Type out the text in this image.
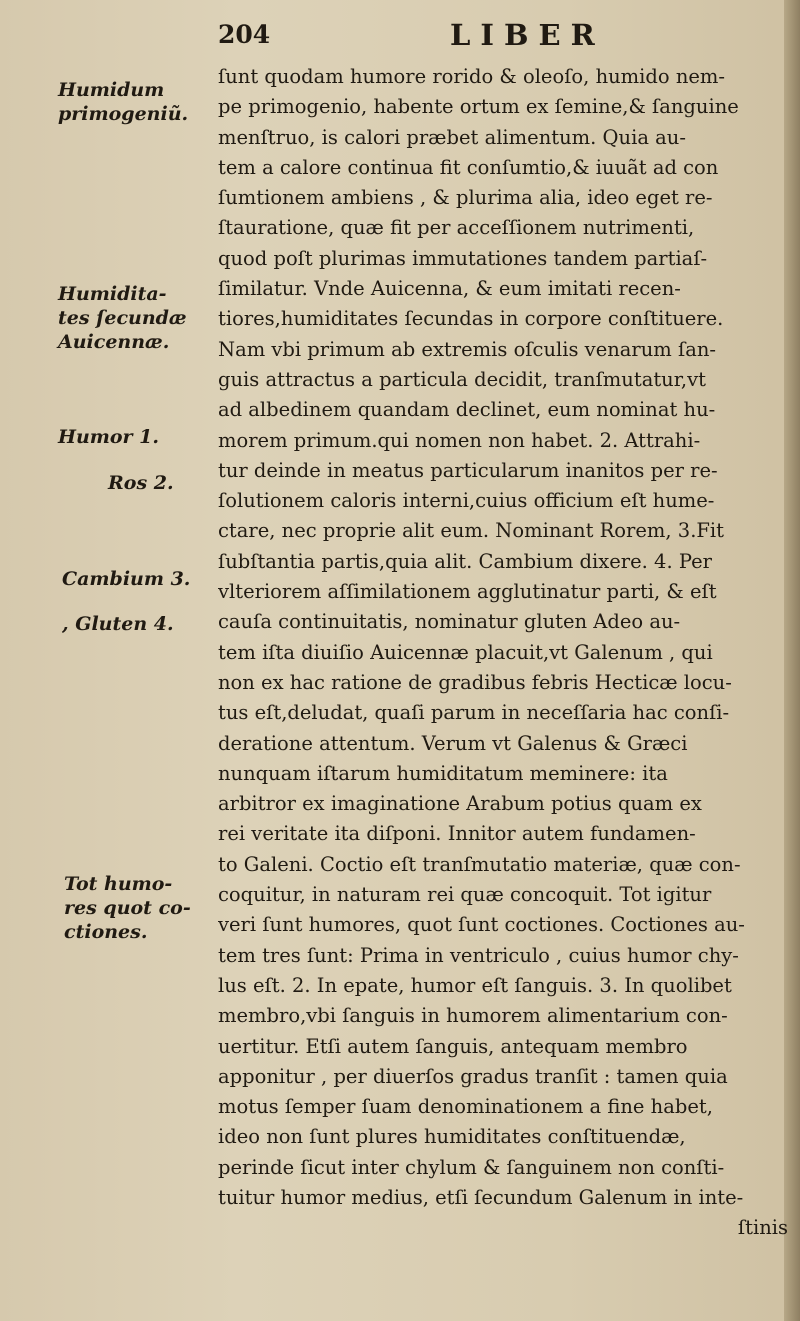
204	LIBER
Humidum
primogeniũ.
Humidita-
tes ſecundæ
Auicennæ.
Humor 1.
Ros 2.
Cambium 3.
, Gluten 4.
Tot humo-
res quot co-
ctiones.
ſunt quodam humore rorido & oleoſo, humido nem-
pe primogenio, habente ortum ex ſemine,& ſanguine
menſtruo, is calori præbet alimentum. Quia au-
tem a calore continua fit conſumtio,& iuuãt ad con
ſumtionem ambiens , & plurima alia, ideo eget re-
ſtauratione, quæ fit per acceſſionem nutrimenti,
quod poſt plurimas immutationes tandem partiaſ-
ſimilatur. Vnde Auicenna, & eum imitati recen-
tiores,humiditates ſecundas in corpore conſtituere.
Nam vbi primum ab extremis oſculis venarum ſan-
guis attractus a particula decidit, tranſmutatur,vt
ad albedinem quandam declinet, eum nominat hu-
morem primum.qui nomen non habet. 2. Attrahi-
tur deinde in meatus particularum inanitos per re-
ſolutionem caloris interni,cuius officium eſt hume-
ctare, nec proprie alit eum. Nominant Rorem, 3.Fit
ſubſtantia partis,quia alit. Cambium dixere. 4. Per
vlteriorem aſſimilationem agglutinatur parti, & eſt
cauſa continuitatis, nominatur gluten Adeo au-
tem iſta diuiſio Auicennæ placuit,vt Galenum , qui
non ex hac ratione de gradibus febris Hecticæ locu-
tus eſt,deludat, quaſi parum in neceſſaria hac conſi-
deratione attentum. Verum vt Galenus & Græci
nunquam iſtarum humiditatum meminere: ita
arbitror ex imaginatione Arabum potius quam ex
rei veritate ita diſponi. Innitor autem fundamen-
to Galeni. Coctio eſt tranſmutatio materiæ, quæ con-
coquitur, in naturam rei quæ concoquit. Tot igitur
veri ſunt humores, quot ſunt coctiones. Coctiones au-
tem tres ſunt: Prima in ventriculo , cuius humor chy-
lus eſt. 2. In epate, humor eſt ſanguis. 3. In quolibet
membro,vbi ſanguis in humorem alimentarium con-
uertitur. Etſi autem ſanguis, antequam membro
apponitur , per diuerſos gradus tranſit : tamen quia
motus ſemper ſuam denominationem a fine habet,
ideo non ſunt plures humiditates conſtituendæ,
perinde ſicut inter chylum & ſanguinem non conſti-
tuitur humor medius, etſi ſecundum Galenum in inte-
ſtinis
